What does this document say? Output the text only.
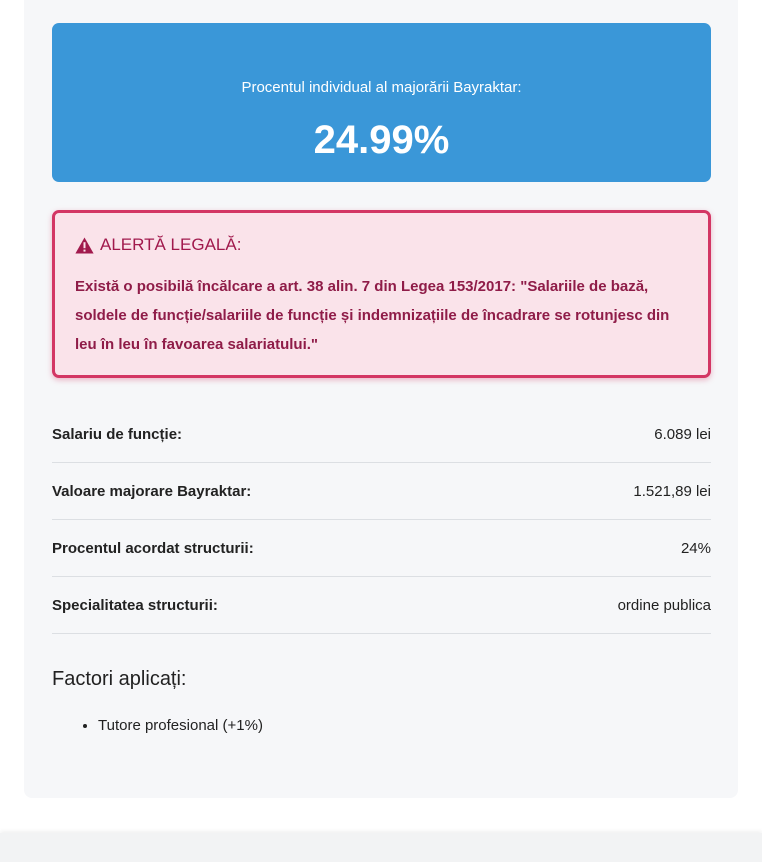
Procentul individual al majorării Bayraktar:
24.99%
ALERTĂ LEGALĂ:
Există o posibilă încălcare a art. 38 alin. 7 din Legea 153/2017: "Salariile de bază, soldele de funcție/salariile de funcție și indemnizațiile de încadrare se rotunjesc din leu în leu în favoarea salariatului."
Salariu de funcție:	6.089 lei
Valoare majorare Bayraktar:	1.521,89 lei
Procentul acordat structurii:	24%
Specialitatea structurii:	ordine publica
Factori aplicați:
• Tutore profesional (+1%)
